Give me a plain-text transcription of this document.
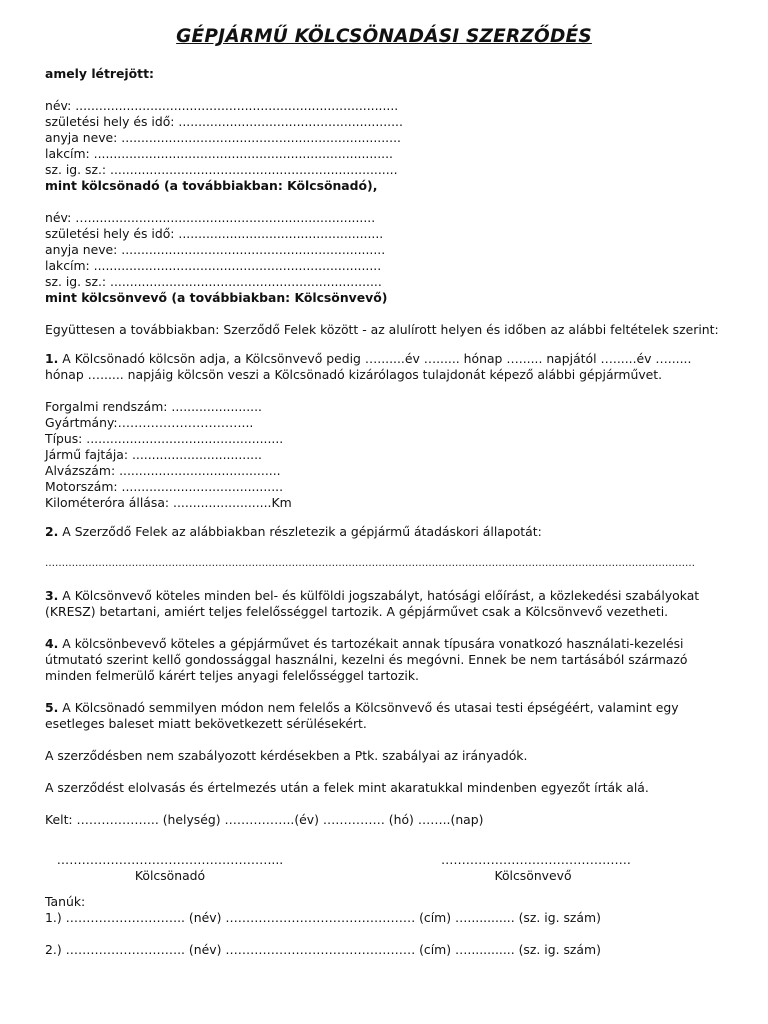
GÉPJÁRMŰ KÖLCSÖNADÁSI SZERZŐDÉS
amely létrejött:
név: ..................................................................................
születési hely és idő: .........................................................
anyja neve: .......................................................................
lakcím: ............................................................................
sz. ig. sz.: .........................................................................
mint kölcsönadó (a továbbiakban: Kölcsönadó),
név: ….........................................................................
születési hely és idő: ....................................................
anyja neve: ...................................................................
lakcím: .........................................................................
sz. ig. sz.: .....................................................................
mint kölcsönvevő (a továbbiakban: Kölcsönvevő)
Együttesen a továbbiakban: Szerződő Felek között - az alulírott helyen és időben az alábbi feltételek szerint:
1. A Kölcsönadó kölcsön adja, a Kölcsönvevő pedig ….......év …...... hónap …...... napjától …......év …......
hónap …...... napjáig kölcsön veszi a Kölcsönadó kizárólagos tulajdonát képező alábbi gépjárművet.
Forgalmi rendszám: .......................
Gyártmány:…………………………...
Típus: ..................................................
Jármű fajtája: .................................
Alvázszám: .........................................
Motorszám: .........................................
Kilométeróra állása: .........................Km
2. A Szerződő Felek az alábbiakban részletezik a gépjármű átadáskori állapotát:
……………………………………………………………………………………………………………………………………………………………………………
3. A Kölcsönvevő köteles minden bel- és külföldi jogszabályt, hatósági előírást, a közlekedési szabályokat (KRESZ) betartani, amiért teljes felelősséggel tartozik. A gépjárművet csak a Kölcsönvevő vezetheti.
4. A kölcsönbevevő köteles a gépjárművet és tartozékait annak típusára vonatkozó használati-kezelési útmutató szerint kellő gondossággal használni, kezelni és megóvni. Ennek be nem tartásából származó minden felmerülő kárért teljes anyagi felelősséggel tartozik.
5. A Kölcsönadó semmilyen módon nem felelős a Kölcsönvevő és utasai testi épségéért, valamint egy esetleges baleset miatt bekövetkezett sérülésekért.
A szerződésben nem szabályozott kérdésekben a Ptk. szabályai az irányadók.
A szerződést elolvasás és értelmezés után a felek mint akaratukkal mindenben egyezőt írták alá.
Kelt: ……………….. (helység) ……………..(év) …………… (hó) ……..(nap)
……………………………………………....
Kölcsönadó
……………………………………….
Kölcsönvevő
Tanúk:
1.) ……………………….. (név) ………………………………………. (cím) …............ (sz. ig. szám)
2.) ……………………….. (név) ………………………………………. (cím) …............ (sz. ig. szám)
